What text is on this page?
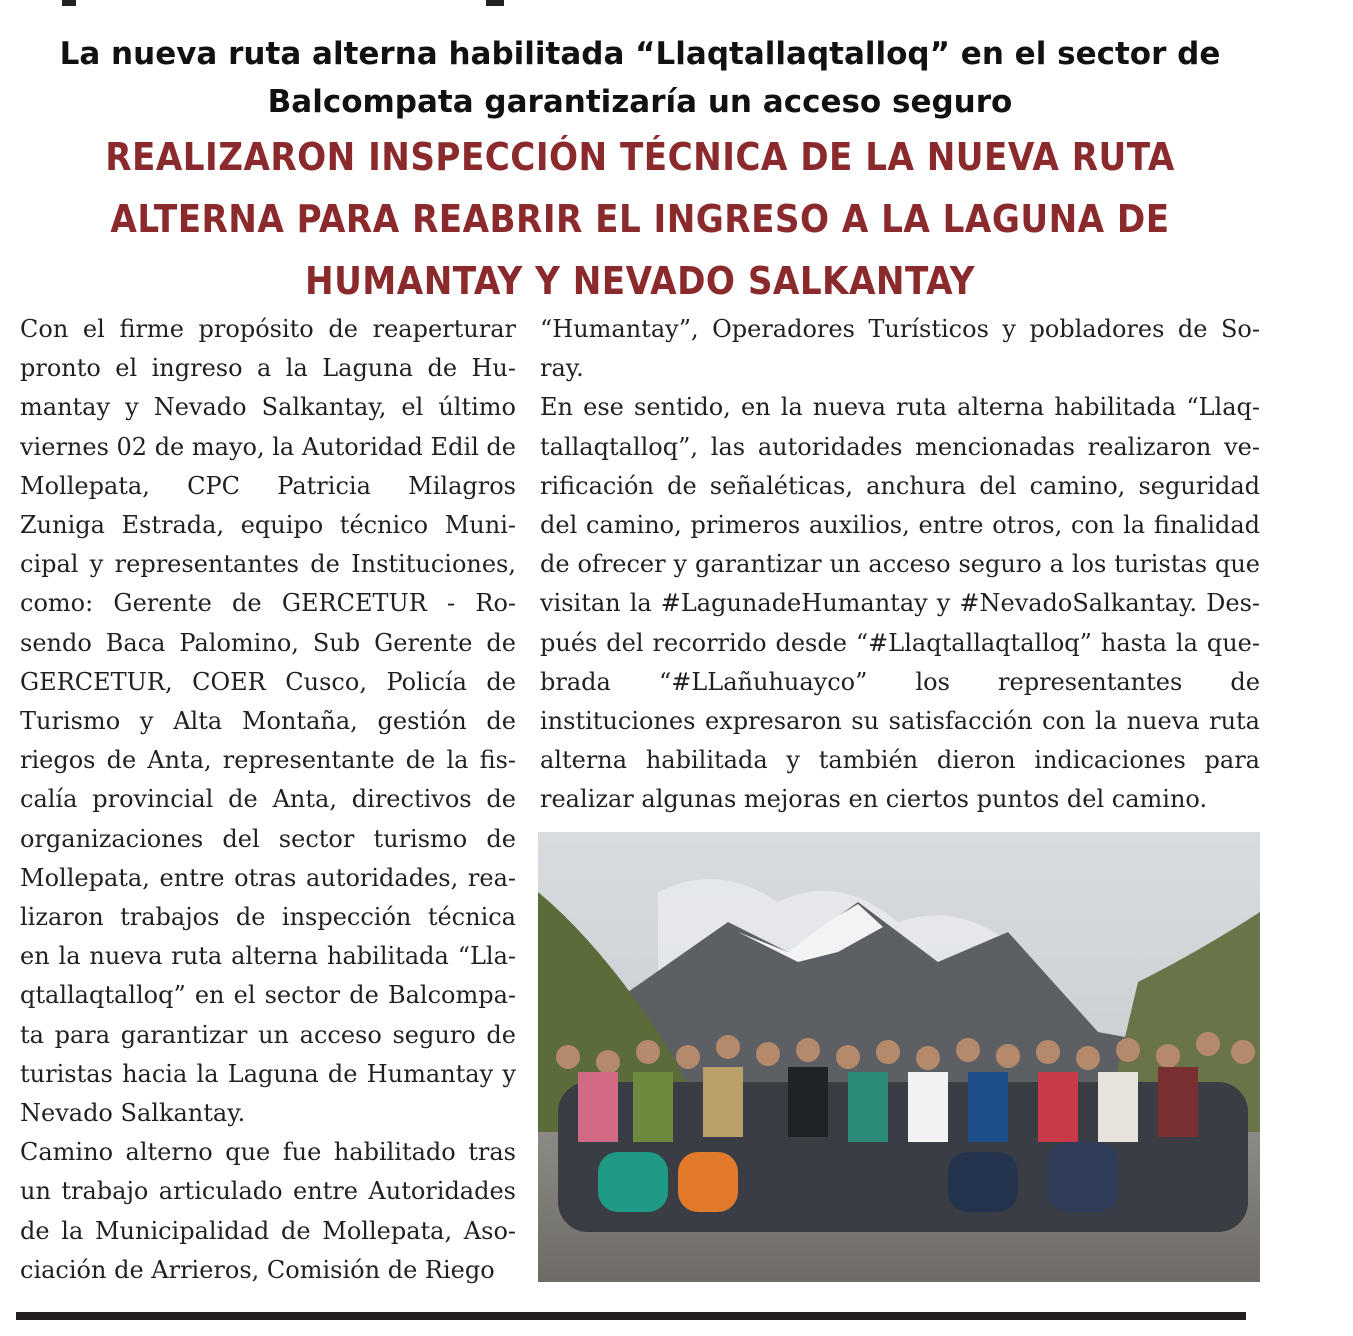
La nueva ruta alterna habilitada “Llaqtallaqtalloq” en el sector de Balcompata garantizaría un acceso seguro
REALIZARON INSPECCIÓN TÉCNICA DE LA NUEVA RUTA ALTERNA PARA REABRIR EL INGRESO A LA LAGUNA DE HUMANTAY Y NEVADO SALKANTAY

Con el firme propósito de reaperturar pronto el ingreso a la Laguna de Humantay y Nevado Salkantay, el último viernes 02 de mayo, la Autoridad Edil de Mollepata, CPC Patricia Milagros Zuniga Estrada, equipo técnico Municipal y representantes de Instituciones, como: Gerente de GERCETUR - Rosendo Baca Palomino, Sub Gerente de GERCETUR, COER Cusco, Policía de Turismo y Alta Montaña, gestión de riegos de Anta, representante de la fiscalía provincial de Anta, directivos de organizaciones del sector turismo de Mollepata, entre otras autoridades, realizaron trabajos de inspección técnica en la nueva ruta alterna habilitada “Llaqtallaqtalloq” en el sector de Balcompata para garantizar un acceso seguro de turistas hacia la Laguna de Humantay y Nevado Salkantay.

Camino alterno que fue habilitado tras un trabajo articulado entre Autoridades de la Municipalidad de Mollepata, Asociación de Arrieros, Comisión de Riego

“Humantay”, Operadores Turísticos y pobladores de Soray.

En ese sentido, en la nueva ruta alterna habilitada “Llaqtallaqtalloq”, las autoridades mencionadas realizaron verificación de señaléticas, anchura del camino, seguridad del camino, primeros auxilios, entre otros, con la finalidad de ofrecer y garantizar un acceso seguro a los turistas que visitan la #LagunadeHumantay y #NevadoSalkantay. Después del recorrido desde “#Llaqtallaqtalloq” hasta la quebrada “#LLañuhuayco” los representantes de instituciones expresaron su satisfacción con la nueva ruta alterna habilitada y también dieron indicaciones para realizar algunas mejoras en ciertos puntos del camino.
